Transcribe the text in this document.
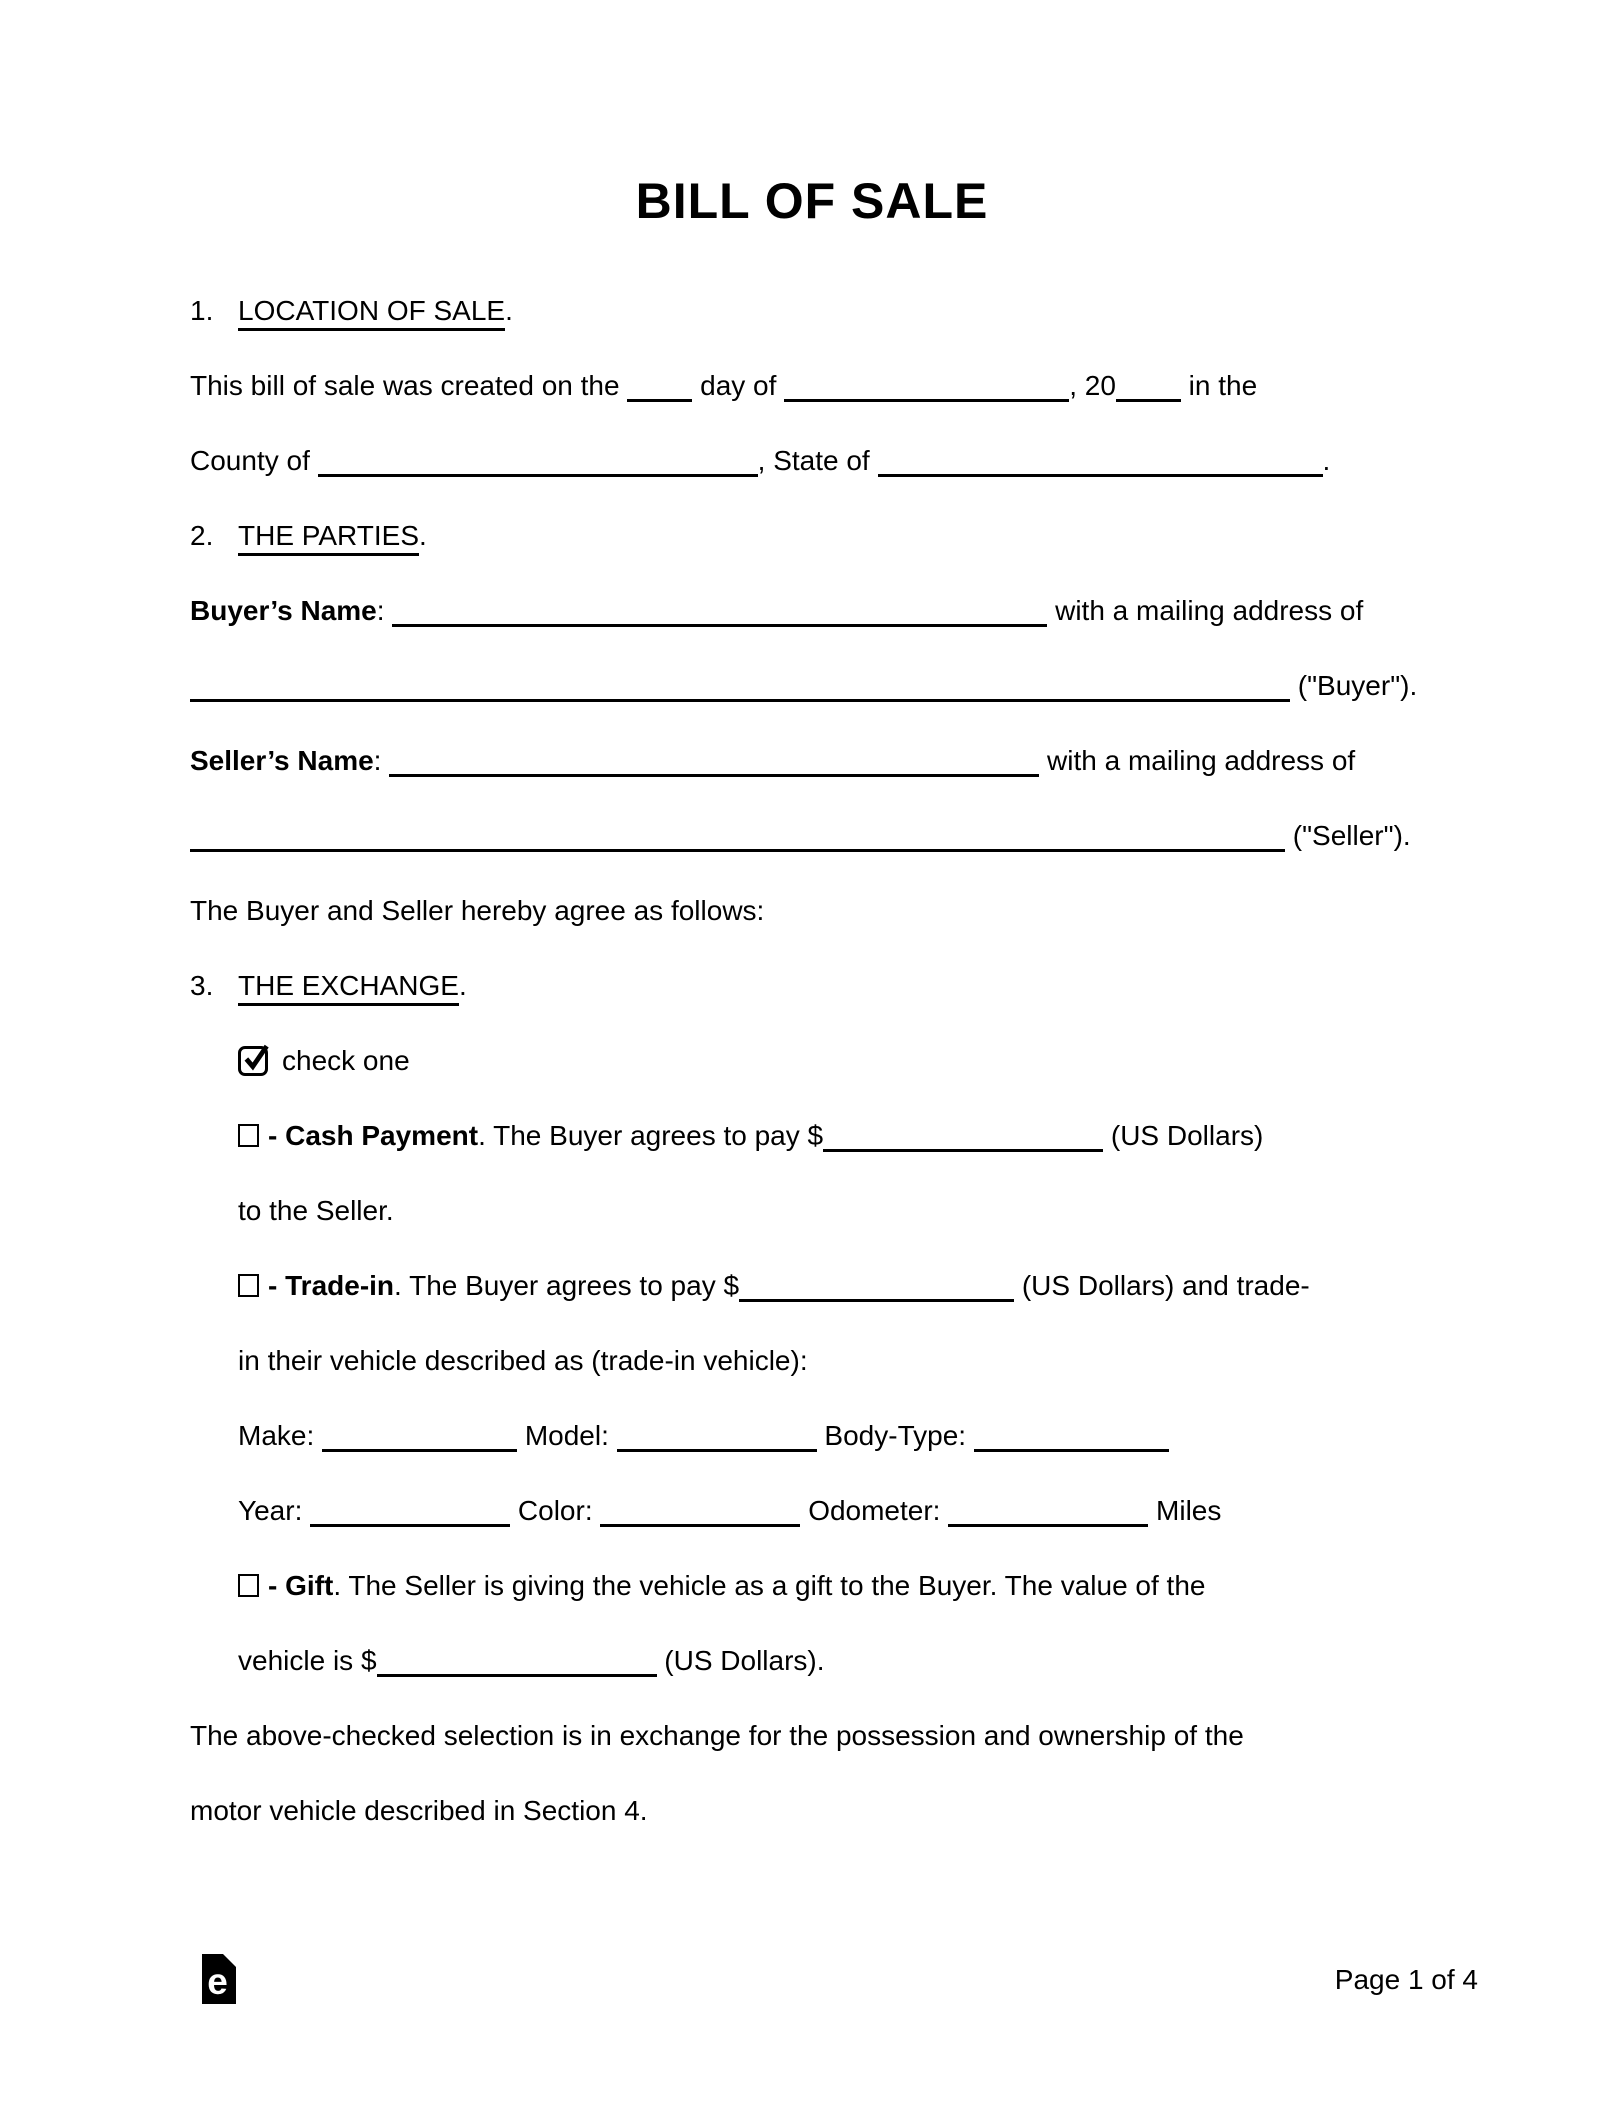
BILL OF SALE
1. LOCATION OF SALE.
This bill of sale was created on the	day of	, 20	in the
County of	, State of	.
2. THE PARTIES.
Buyer’s Name:	with a mailing address of
("Buyer").
Seller’s Name:	with a mailing address of
("Seller").
The Buyer and Seller hereby agree as follows:
3. THE EXCHANGE.
check one
- Cash Payment. The Buyer agrees to pay $	(US Dollars)
to the Seller.
- Trade-in. The Buyer agrees to pay $	(US Dollars) and trade-
in their vehicle described as (trade-in vehicle):
Make:	Model:	Body-Type:
Year:	Color:	Odometer:	Miles
- Gift. The Seller is giving the vehicle as a gift to the Buyer. The value of the
vehicle is $	(US Dollars).
The above-checked selection is in exchange for the possession and ownership of the
motor vehicle described in Section 4.
e	Page 1 of 4
